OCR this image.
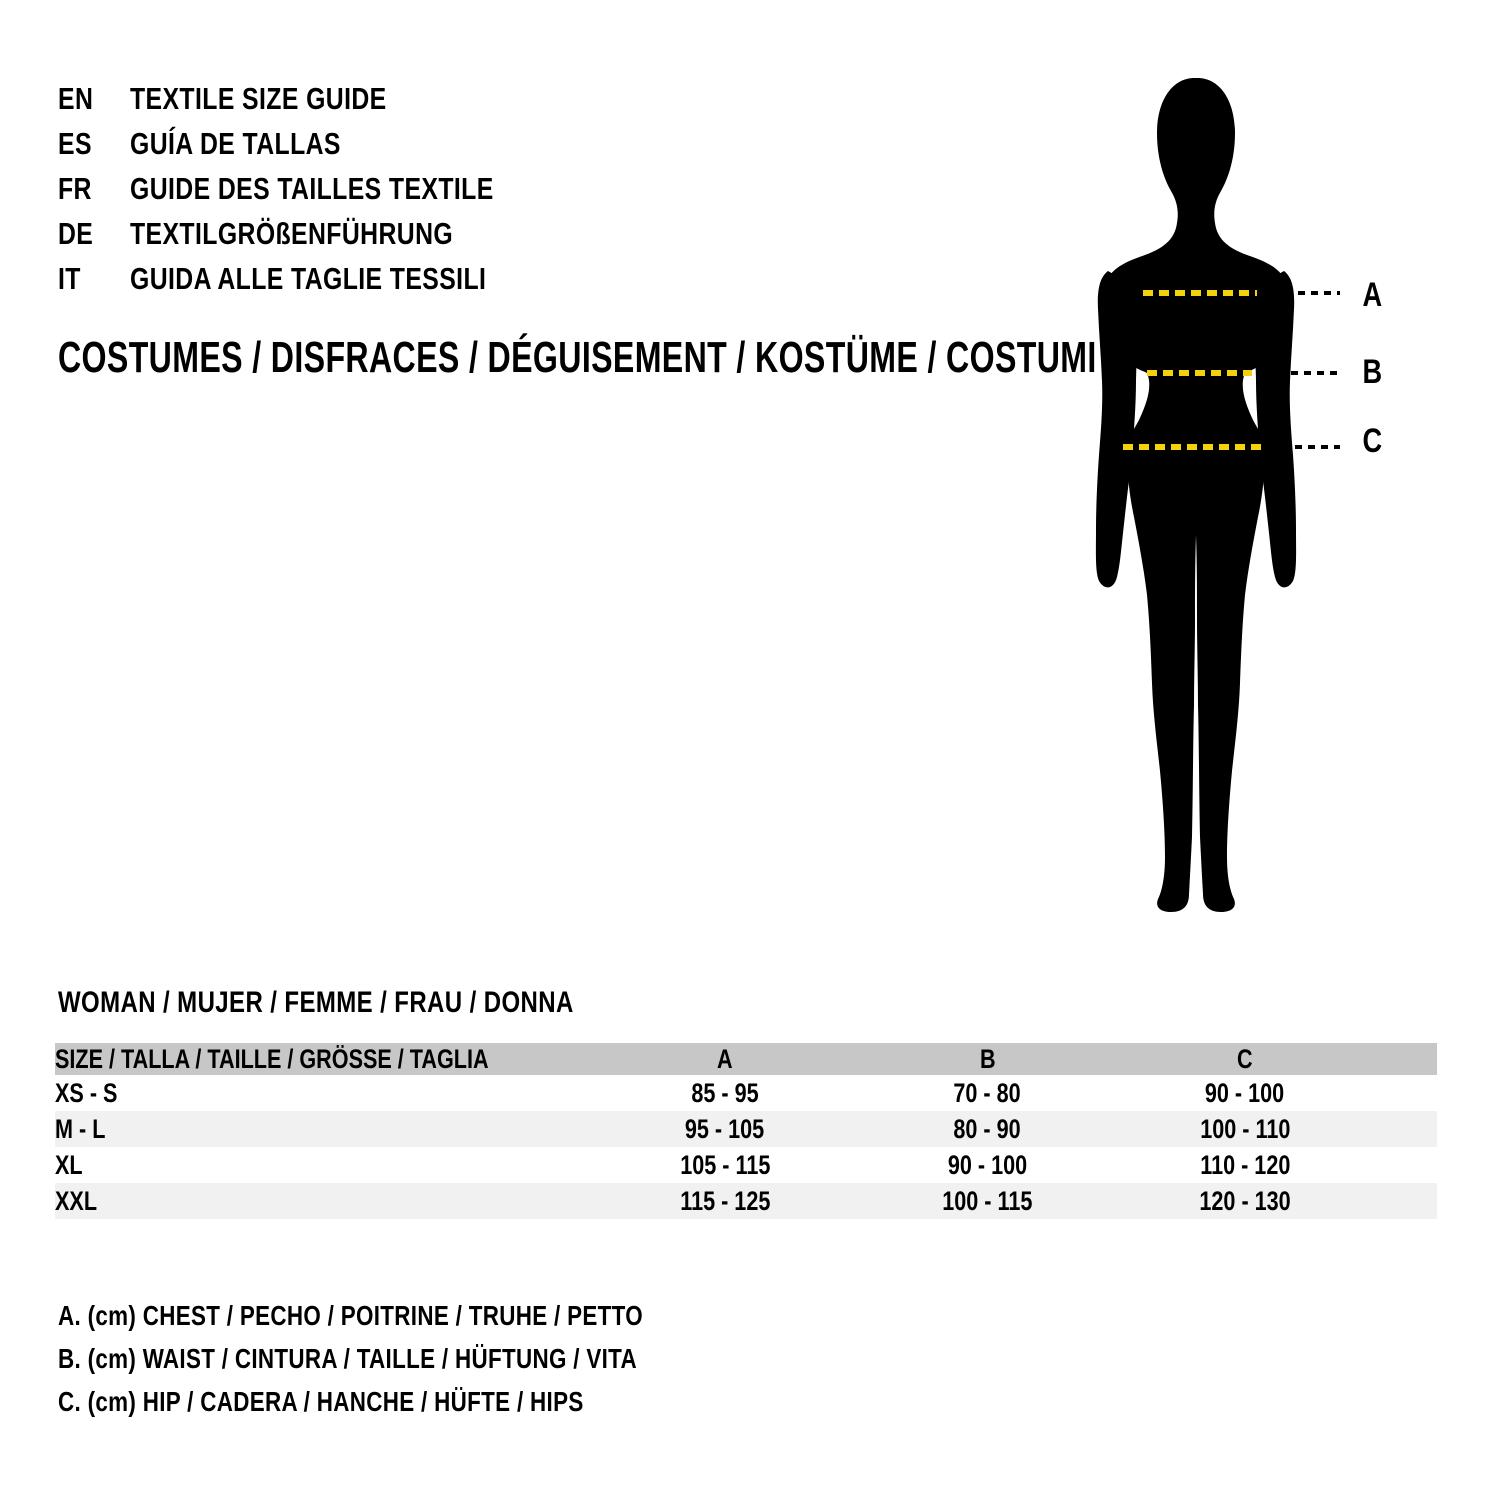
EN	TEXTILE SIZE GUIDE
ES	GUÍA DE TALLAS
FR	GUIDE DES TAILLES TEXTILE
DE	TEXTILGRÖßENFÜHRUNG
IT	GUIDA ALLE TAGLIE TESSILI
COSTUMES / DISFRACES / DÉGUISEMENT / KOSTÜME / COSTUMI
A
B
C
WOMAN / MUJER / FEMME / FRAU / DONNA
SIZE / TALLA / TAILLE / GRÖSSE / TAGLIA	A	B	C	
XS - S	85 - 95	70 - 80	90 - 100	
M - L	95 - 105	80 - 90	100 - 110	
XL	105 - 115	90 - 100	110 - 120	
XXL	115 - 125	100 - 115	120 - 130	
A. (cm) CHEST / PECHO / POITRINE / TRUHE / PETTO
B. (cm) WAIST / CINTURA / TAILLE / HÜFTUNG / VITA
C. (cm) HIP / CADERA / HANCHE / HÜFTE / HIPS
